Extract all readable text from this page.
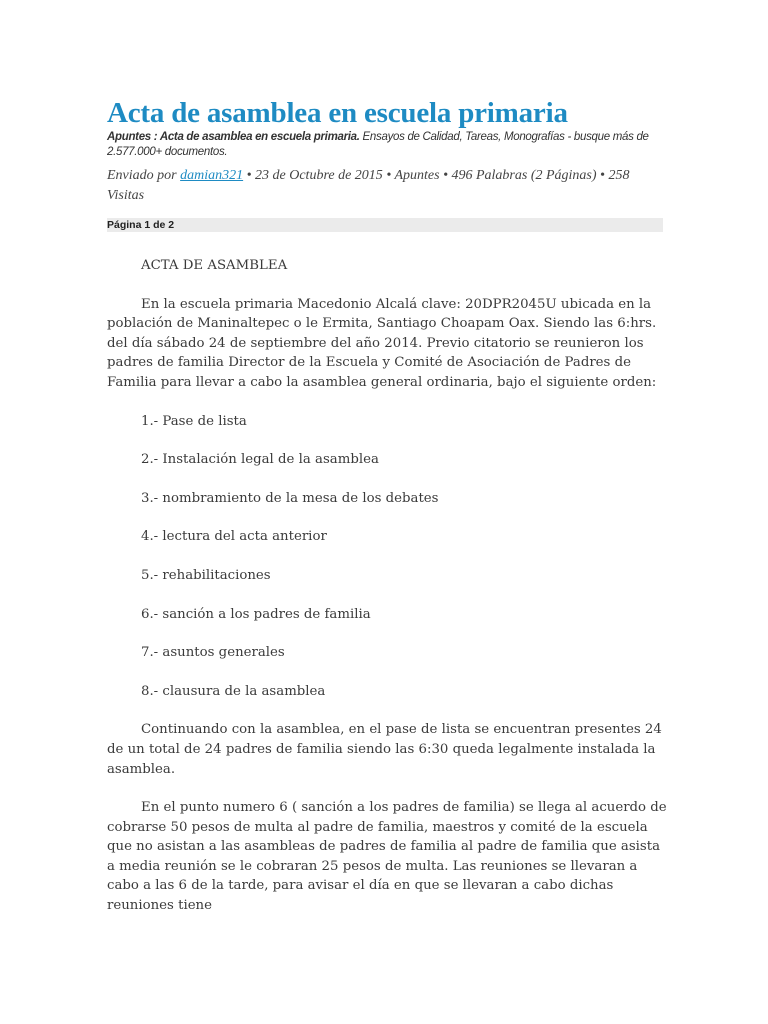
Acta de asamblea en escuela primaria
Apuntes : Acta de asamblea en escuela primaria. Ensayos de Calidad, Tareas, Monografías - busque más de 2.577.000+ documentos.
Enviado por damian321 • 23 de Octubre de 2015 • Apuntes • 496 Palabras (2 Páginas) • 258 Visitas
Página 1 de 2

ACTA DE ASAMBLEA

En la escuela primaria Macedonio Alcalá clave: 20DPR2045U ubicada en la población de Maninaltepec o le Ermita, Santiago Choapam Oax. Siendo las 6:hrs. del día sábado 24 de septiembre del año 2014. Previo citatorio se reunieron los padres de familia Director de la Escuela y Comité de Asociación de Padres de Familia para llevar a cabo la asamblea general ordinaria, bajo el siguiente orden:

1.- Pase de lista

2.- Instalación legal de la asamblea

3.- nombramiento de la mesa de los debates

4.- lectura del acta anterior

5.- rehabilitaciones

6.- sanción a los padres de familia

7.- asuntos generales

8.- clausura de la asamblea

Continuando con la asamblea, en el pase de lista se encuentran presentes 24 de un total de 24 padres de familia siendo las 6:30 queda legalmente instalada la asamblea.

En el punto numero 6 ( sanción a los padres de familia) se llega al acuerdo de cobrarse 50 pesos de multa al padre de familia, maestros y comité de la escuela que no asistan a las asambleas de padres de familia al padre de familia que asista a media reunión se le cobraran 25 pesos de multa. Las reuniones se llevaran a cabo a las 6 de la tarde, para avisar el día en que se llevaran a cabo dichas reuniones tiene
